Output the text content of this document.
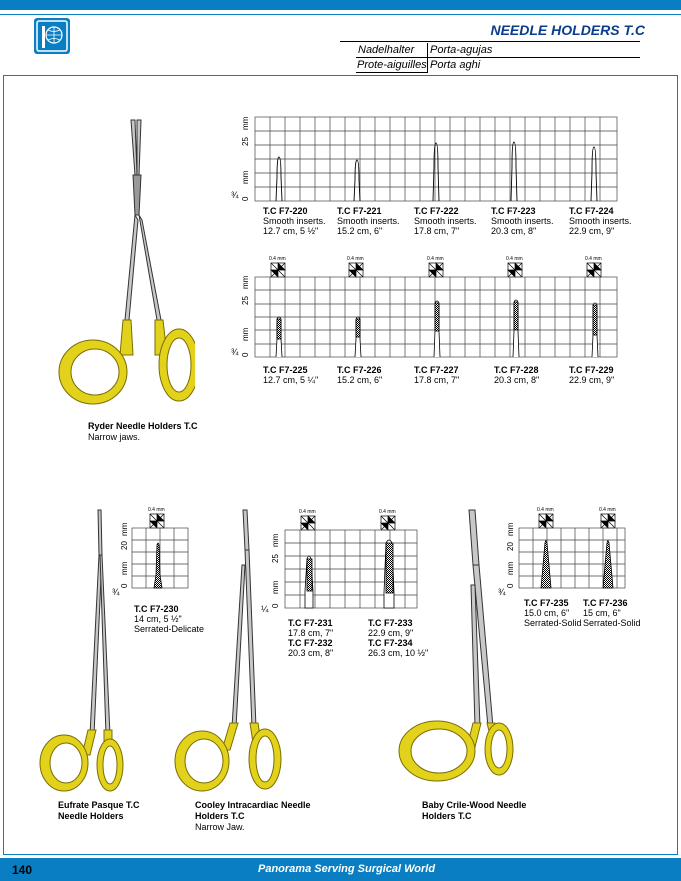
NEEDLE HOLDERS T.C
Nadelhalter Porta-agujas
Prote-aiguilles Porta aghi
0
mm
25
mm
¾
T.C F7-220
Smooth inserts.
12.7 cm, 5 ½"
T.C F7-221
Smooth inserts.
15.2 cm, 6"
T.C F7-222
Smooth inserts.
17.8 cm, 7"
T.C F7-223
Smooth inserts.
20.3 cm, 8"
T.C F7-224
Smooth inserts.
22.9 cm, 9"
0.4 mm	0.4 mm	0.4 mm	0.4 mm	0.4 mm
0
mm
25
mm
¾
T.C F7-225
12.7 cm, 5 ¼"
T.C F7-226
15.2 cm, 6"
T.C F7-227
17.8 cm, 7"
T.C F7-228
20.3 cm, 8"
T.C F7-229
22.9 cm, 9"
Ryder Needle Holders T.C
Narrow jaws.
0.4 mm
0
mm
20
mm
¾
T.C F7-230
14 cm, 5 ½"
Serrated-Delicate
0.4 mm	0.4 mm
0
mm
25
mm
¼
T.C F7-231
17.8 cm, 7"
T.C F7-232
20.3 cm, 8"
T.C F7-233
22.9 cm, 9"
T.C F7-234
26.3 cm, 10 ½"
0.4 mm	0.4 mm
0
mm
20
mm
¾
T.C F7-235
15.0 cm, 6"
Serrated-Solid
T.C F7-236
15 cm, 6"
Serrated-Solid
Eufrate Pasque T.C
Needle Holders
Cooley Intracardiac Needle
Holders T.C
Narrow Jaw.
Baby Crile-Wood Needle
Holders T.C
140	Panorama Serving Surgical World
